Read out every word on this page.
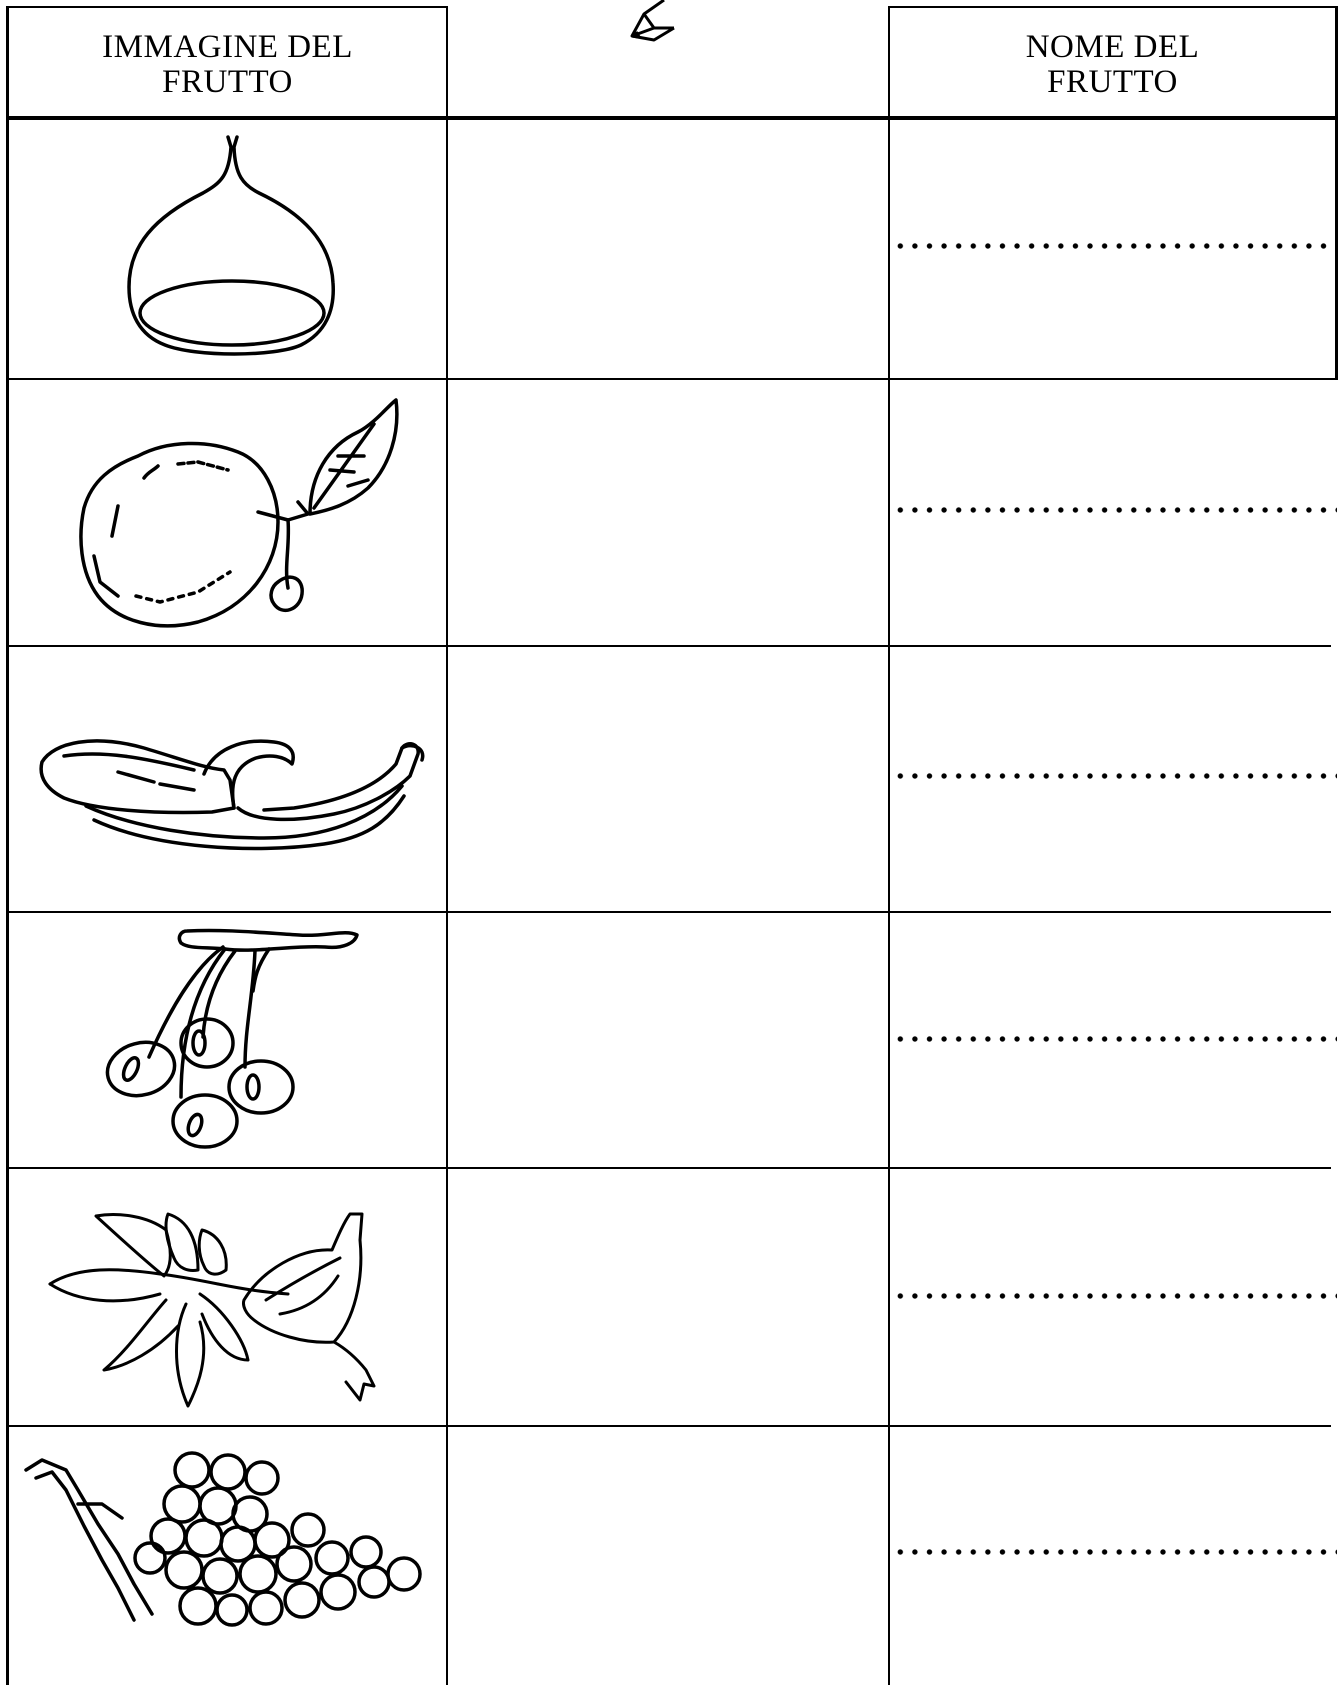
IMMAGINE DEL
FRUTTO
NOME DEL
FRUTTO
